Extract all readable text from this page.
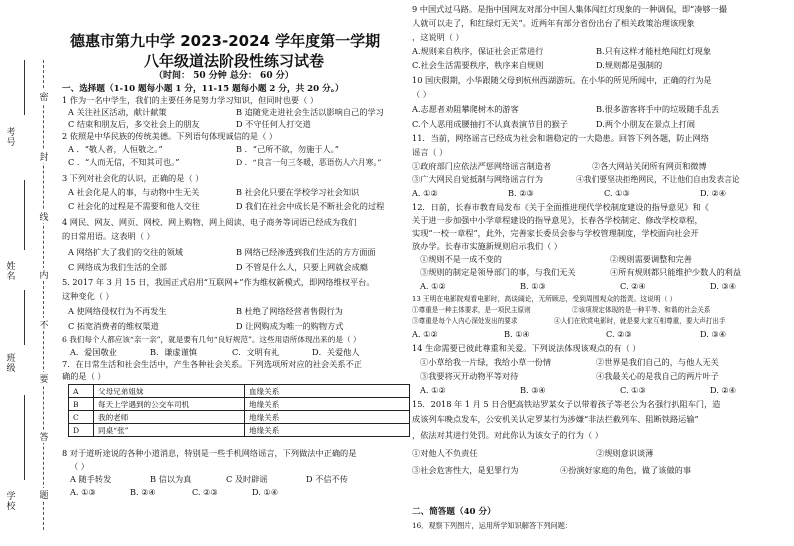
考号
姓名
班级
学校
密
封
线
内
不
要
答
题
德惠市第九中学 2023-2024 学年度第一学期
八年级道法阶段性练习试卷
（时间： 50 分钟 总分： 60 分）
一、选择题（1-10 题每小题 1 分，11-15 题每小题 2 分，共 20 分。）
1 作为一名中学生，我们的主要任务是努力学习知识，但同时也要（ ）
A 关注社区活动，献计献策	B 追随党走进社会生活以影响自己的学习
C 结束和朋友后，多交社会上的朋友	D 不守任何人打交道
2 依照是中华民族的传统美德。下列语句体现诚信的是（ ）
A ．“敬人者，人恒敬之。”	B ．“己所不欲，勿施于人。”
C ．“人而无信，不知其可也。”	D ．“良言一句三冬暖，恶语伤人六月寒。”
3 下列对社会化的认识，正确的是（ ）
A 社会化是人的事，与动物中生无关	B 社会化只要在学校学习社会知识
C 社会化的过程是不需要和他人交往	D 我们在社会中成长是不断社会化的过程
4 网民、网友、网页、网校、网上购物、网上阅读、电子商务等词语已经成为我们
的日常用语。这表明（ ）
A 网络扩大了我们的交往的领域	B 网络已经渗透到我们生活的方方面面
C 网络成为我们生活的全部	D 不管是什么人，只要上网就会成瘾
5. 2017 年 3 月 15 日，我国正式启用“互联网+”作为维权新模式，即网络维权平台。
这种变化（ ）
A 使网络侵权行为不再发生	B 杜绝了网络经营者售假行为
C 拓宽消费者的维权渠道	D 让网购成为唯一的购物方式
6 我们每个人都应该“亲一亲”，就是要有几句“良好规范”。这些用语所体现出来的是（ ）
A．爱国敬业	B．谦虚谨慎	C．文明有礼	D．关爱他人
7．在日常生活和社会生活中，产生各种社会关系。下列选项所对应的社会关系不正
确的是（ ）
A	父母兄弟姐妹	血缘关系
B	每天上学遇到的公交车司机	地缘关系
C	我的老师	地缘关系
D	同桌“张”	地缘关系
8 对于道听途说的各种小道消息，特别是一些手机网络谣言，下列做法中正确的是
（ ）
A 随手转发	B 信以为真	C 及时辟谣	D 不信不传
A. ①③	B. ②④	C. ②③	D. ①④
9 中国式过马路。是指中国网友对部分中国人集体闯红灯现象的一种调侃，即“凑够一撮
人就可以走了，和红绿灯无关”。近两年有部分省份出台了相关政策治理该现象
，这说明（ ）
A.规则来自秩序，保证社会正常进行	B.只有这样才能杜绝闯红灯现象
C.社会生活需要秩序，秩序来自规则	D.规则都是强制的
10 国庆假期，小华跟随父母到杭州西湖游玩。在小华的所见所闻中，正确的行为是
（ ）
A.志愿者劝阻攀爬树木的游客	B.很多游客将手中的垃圾随手乱丢
C.个人恶用成腰抽打不认真表演节目的猴子	D.两个小朋友在景点上打闹
11．当前，网络谣言已经成为社会和谐稳定的一大隐患。回答下列各题，防止网络
谣言（ ）
①政府部门应依法严惩网络谣言制造者	②各大网站关闭所有网页和微博
③广大网民自觉抵制与网络谣言行为	④我们要坚决拒绝网民，不让他们自由发表言论
A. ①②	B. ②③	C. ①③	D. ②④
12．日前，长春市教育局发布《关于全面推进现代学校制度建设的指导意见》和《
关于进一步加强中小学章程建设的指导意见》，长春各学校制定、修改学校章程，
实现“一校一章程”，此外，完善家长委员会参与学校管理制度，学校面向社会开
放办学。长春市实施新规则启示我们（ ）
①规则不是一成不变的	②规则需要调整和完善
③规则的制定是领导部门的事，与我们无关	④所有规则都只能维护少数人的利益
A. ①②	B. ①③	C. ②④	D. ③④
13 王明在电影院观看电影时，高谈阔论，无所顾忌，受到周围观众的指责。这说明（ ）
①尊重是一种主体要求，是一项民主原则	②该项规定体现的是一种平等、和谐的社会关系
③尊重是每个人内心深处发出的要求	④人们在欣赏电影时，就是要大家互相尊重，要大声打出手
A. ①②	B. ①④	C. ②③	D. ③④
14 生命需要已彼此尊重和关爱。下列说法体现该观点的有（ ）
①小草给我一片绿，我给小草一份情	②世界是我们自己的，与他人无关
③我要将灭开动物平等对待	④我最关心的是我自己的两片叶子
A. ①②	B. ③④	C. ①③	D. ②④
15．2018 年 1 月 5 日合肥高铁站罗某女子以带着孩子等老公为名强行扒阻车门，造
成该列车晚点发车，公安机关认定罗某行为涉嫌“非法拦截列车、阻断铁路运输”
，依法对其进行处罚。对此你认为该女子的行为（ ）
①对他人不负责任	②规则意识谈薄
③社会危害性大，是犯罪行为	④扮演好家庭的角色，做了该做的事
二、简答题（40 分）
16．观察下列图片，运用所学知识解答下列问题：
